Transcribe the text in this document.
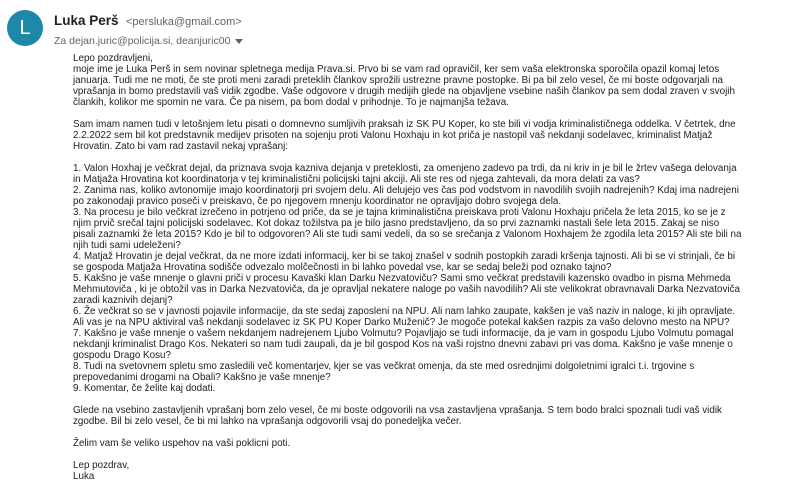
L	Luka Perš <persluka@gmail.com>
Za dejan.juric@policija.si, deanjuric00

Lepo pozdravljeni,

moje ime je Luka Perš in sem novinar spletnega medija Prava.si. Prvo bi se vam rad opravičil, ker sem vaša elektronska sporočila opazil komaj letos
januarja. Tudi me ne moti, če ste proti meni zaradi preteklih člankov sprožili ustrezne pravne postopke. Bi pa bil zelo vesel, če mi boste odgovarjali na
vprašanja in bomo predstavili vaš vidik zgodbe. Vaše odgovore v drugih medijih glede na objavljene vsebine naših člankov pa sem dodal zraven v svojih
člankih, kolikor me spomin ne vara. Če pa nisem, pa bom dodal v prihodnje. To je najmanjša težava.

Sam imam namen tudi v letošnjem letu pisati o domnevno sumljivih praksah iz SK PU Koper, ko ste bili vi vodja kriminalističnega oddelka. V četrtek, dne
2.2.2022 sem bil kot predstavnik medijev prisoten na sojenju proti Valonu Hoxhaju in kot priča je nastopil vaš nekdanji sodelavec, kriminalist Matjaž
Hrovatin. Zato bi vam rad zastavil nekaj vprašanj:

1. Valon Hoxhaj je večkrat dejal, da priznava svoja kazniva dejanja v preteklosti, za omenjeno zadevo pa trdi, da ni kriv in je bil le žrtev vašega delovanja
in Matjaža Hrovatina kot koordinatorja v tej kriminalistični policijski tajni akciji. Ali ste res od njega zahtevali, da mora delati za vas?

2. Zanima nas, koliko avtonomije imajo koordinatorji pri svojem delu. Ali delujejo ves čas pod vodstvom in navodilih svojih nadrejenih? Kdaj ima nadrejeni
po zakonodaji pravico poseči v preiskavo, če po njegovem mnenju koordinator ne opravljajo dobro svojega dela.

3. Na procesu je bilo večkrat izrečeno in potrjeno od priče, da se je tajna kriminalistična preiskava proti Valonu Hoxhaju pričela že leta 2015, ko se je z
njim prvič srečal tajni policijski sodelavec. Kot dokaz tožilstva pa je bilo jasno predstavljeno, da so prvi zaznamki nastali šele leta 2015. Zakaj se niso
pisali zaznamki že leta 2015? Kdo je bil to odgovoren? Ali ste tudi sami vedeli, da so se srečanja z Valonom Hoxhajem že zgodila leta 2015? Ali ste bili na
njih tudi sami udeleženi?

4. Matjaž Hrovatin je dejal večkrat, da ne more izdati informacij, ker bi se takoj znašel v sodnih postopkih zaradi kršenja tajnosti. Ali bi se vi strinjali, če bi
se gospoda Matjaža Hrovatina sodišče odvezalo molčečnosti in bi lahko povedal vse, kar se sedaj beleži pod oznako tajno?

5. Kakšno je vaše mnenje o glavni priči v procesu Kavaški klan Darku Nezvatoviču? Sami smo večkrat predstavili kazensko ovadbo in pisma Mehmeda
Mehmutoviča , ki je obtožil vas in Darka Nezvatoviča, da je opravljal nekatere naloge po vaših navodilih? Ali ste velikokrat obravnavali Darka Nezvatoviča
zaradi kaznivih dejanj?

6. Že večkrat so se v javnosti pojavile informacije, da ste sedaj zaposleni na NPU. Ali nam lahko zaupate, kakšen je vaš naziv in naloge, ki jih opravljate.
Ali vas je na NPU aktiviral vaš nekdanji sodelavec iz SK PU Koper Darko Muženič? Je mogoče potekal kakšen razpis za vašo delovno mesto na NPU?

7. Kakšno je vaše mnenje o vašem nekdanjem nadrejenem Ljubo Volmutu? Pojavljajo se tudi informacije, da je vam in gospodu Ljubo Volmutu pomagal
nekdanji kriminalist Drago Kos. Nekateri so nam tudi zaupali, da je bil gospod Kos na vaši rojstno dnevni zabavi pri vas doma. Kakšno je vaše mnenje o
gospodu Drago Kosu?

8. Tudi na svetovnem spletu smo zasledili več komentarjev, kjer se vas večkrat omenja, da ste med osrednjimi dolgoletnimi igralci t.i. trgovine s
prepovedanimi drogami na Obali? Kakšno je vaše mnenje?

9. Komentar, če želite kaj dodati.

Glede na vsebino zastavljenih vprašanj bom zelo vesel, če mi boste odgovorili na vsa zastavljena vprašanja. S tem bodo bralci spoznali tudi vaš vidik
zgodbe. Bil bi zelo vesel, če bi mi lahko na vprašanja odgovorili vsaj do ponedeljka večer.

Želim vam še veliko uspehov na vaši poklicni poti.

Lep pozdrav,
Luka
